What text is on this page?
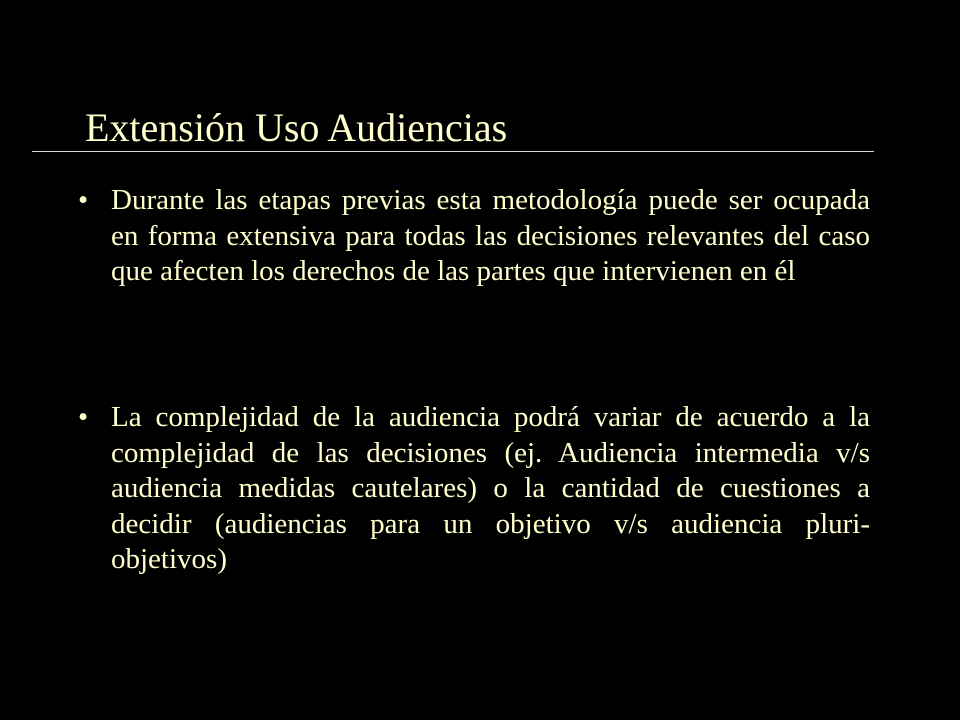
Extensión Uso Audiencias
• Durante las etapas previas esta metodología puede ser ocupada en forma extensiva para todas las decisiones relevantes del caso que afecten los derechos de las partes que intervienen en él

• La complejidad de la audiencia podrá variar de acuerdo a la complejidad de las decisiones (ej. Audiencia intermedia v/s audiencia medidas cautelares) o la cantidad de cuestiones a decidir (audiencias para un objetivo v/s audiencia pluri-objetivos)
